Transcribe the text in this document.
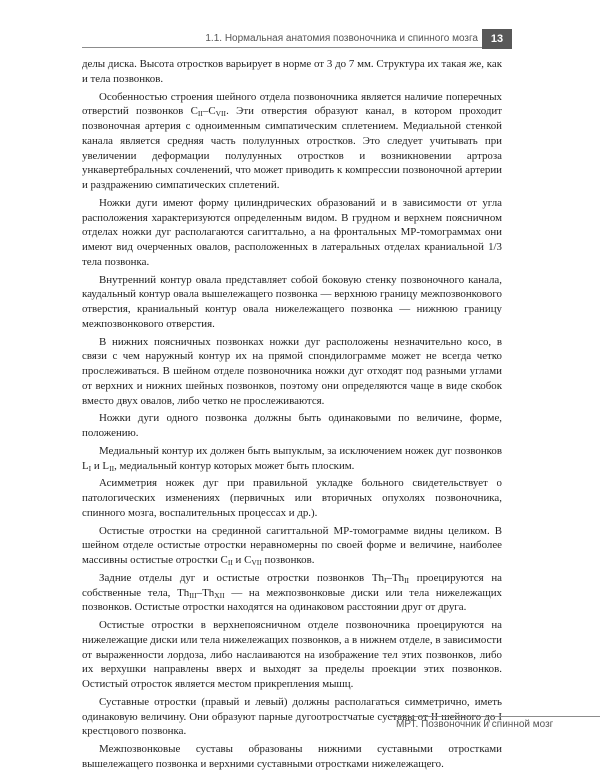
1.1. Нормальная анатомия позвоночника и спинного мозга	13

делы диска. Высота отростков варьирует в норме от 3 до 7 мм. Структура их такая же, как и тела позвонков.

Особенностью строения шейного отдела позвоночника является наличие поперечных отверстий позвонков $C_{II}-C_{VII}$. Эти отверстия образуют канал, в котором проходит позвоночная артерия с одноименным симпатическим сплетением. Медиальной стенкой канала является средняя часть полулунных отростков. Это следует учитывать при увеличении деформации полулунных отростков и возникновении артроза ункавертебральных сочленений, что может приводить к компрессии позвоночной артерии и раздражению симпатических сплетений.

Ножки дуги имеют форму цилиндрических образований и в зависимости от угла расположения характеризуются определенным видом. В грудном и верхнем поясничном отделах ножки дуг располагаются сагиттально, а на фронтальных МР-томограммах они имеют вид очерченных овалов, расположенных в латеральных отделах краниальной 1/3 тела позвонка.

Внутренний контур овала представляет собой боковую стенку позвоночного канала, каудальный контур овала вышележащего позвонка — верхнюю границу межпозвонкового отверстия, краниальный контур овала нижележащего позвонка — нижнюю границу межпозвонкового отверстия.

В нижних поясничных позвонках ножки дуг расположены незначительно косо, в связи с чем наружный контур их на прямой спондилограмме может не всегда четко прослеживаться. В шейном отделе позвоночника ножки дуг отходят под разными углами от верхних и нижних шейных позвонков, поэтому они определяются чаще в виде скобок вместо двух овалов, либо четко не прослеживаются.

Ножки дуги одного позвонка должны быть одинаковыми по величине, форме, положению.

Медиальный контур их должен быть выпуклым, за исключением ножек дуг позвонков $L_I$ и $L_{II}$, медиальный контур которых может быть плоским.

Асимметрия ножек дуг при правильной укладке больного свидетельствует о патологических изменениях (первичных или вторичных опухолях позвоночника, спинного мозга, воспалительных процессах и др.).

Остистые отростки на срединной сагиттальной МР-томограмме видны целиком. В шейном отделе остистые отростки неравномерны по своей форме и величине, наиболее массивны остистые отростки $C_{II}$ и $C_{VII}$ позвонков.

Задние отделы дуг и остистые отростки позвонков $Th_I-Th_{II}$ проецируются на собственные тела, $Th_{III}-Th_{XII}$ — на межпозвонковые диски или тела нижележащих позвонков. Остистые отростки находятся на одинаковом расстоянии друг от друга.

Остистые отростки в верхнепоясничном отделе позвоночника проецируются на нижележащие диски или тела нижележащих позвонков, а в нижнем отделе, в зависимости от выраженности лордоза, либо наслаиваются на изображение тел этих позвонков, либо их верхушки направлены вверх и выходят за пределы проекции этих позвонков. Остистый отросток является местом прикрепления мышц.

Суставные отростки (правый и левый) должны располагаться симметрично, иметь одинаковую величину. Они образуют парные дугоотростчатые суставы от II шейного до I крестцового позвонка.

Межпозвонковые суставы образованы нижними суставными отростками вышележащего позвонка и верхними суставными отростками нижележащего.

МРТ. Позвоночник и спинной мозг
